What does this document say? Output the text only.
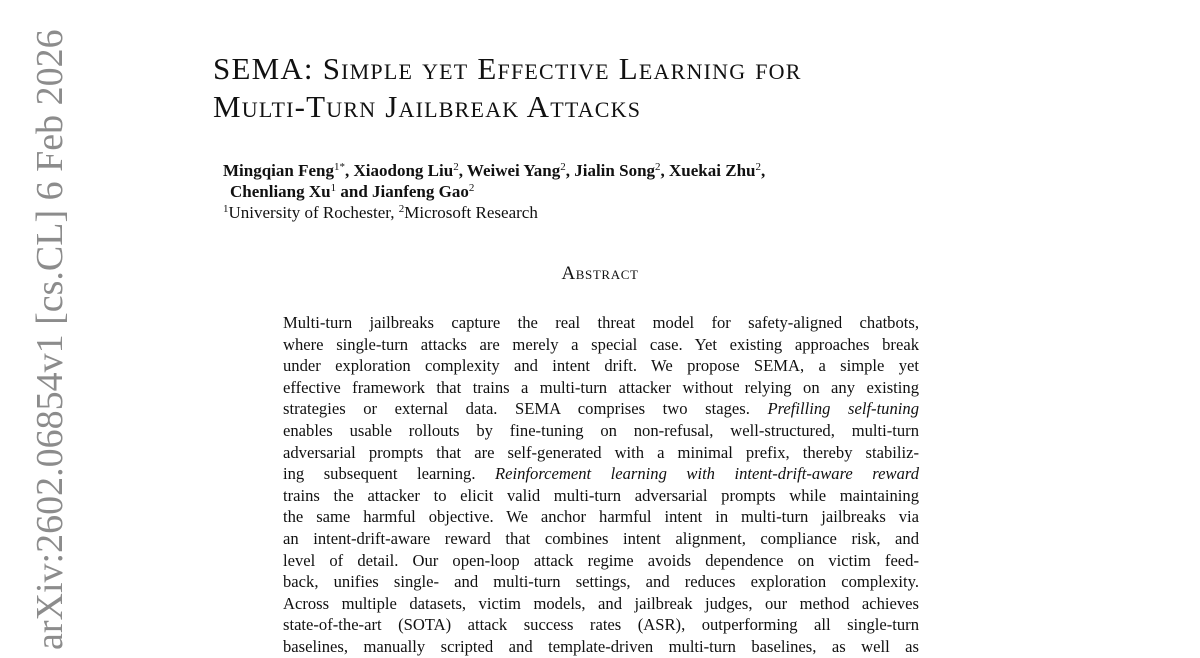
SEMA: Simple yet Effective Learning for
Multi-Turn Jailbreak Attacks
Mingqian Feng$^{1*}$, Xiaodong Liu$^2$, Weiwei Yang$^2$, Jialin Song$^2$, Xuekai Zhu$^2$,
Chenliang Xu$^1$ and Jianfeng Gao$^2$
$^1$University of Rochester, $^2$Microsoft Research
Abstract
Multi-turn jailbreaks capture the real threat model for safety-aligned chatbots,
where single-turn attacks are merely a special case. Yet existing approaches break
under exploration complexity and intent drift. We propose SEMA, a simple yet
effective framework that trains a multi-turn attacker without relying on any existing
strategies or external data. SEMA comprises two stages. Prefilling self-tuning
enables usable rollouts by fine-tuning on non-refusal, well-structured, multi-turn
adversarial prompts that are self-generated with a minimal prefix, thereby stabiliz-
ing subsequent learning. Reinforcement learning with intent-drift-aware reward
trains the attacker to elicit valid multi-turn adversarial prompts while maintaining
the same harmful objective. We anchor harmful intent in multi-turn jailbreaks via
an intent-drift-aware reward that combines intent alignment, compliance risk, and
level of detail. Our open-loop attack regime avoids dependence on victim feed-
back, unifies single- and multi-turn settings, and reduces exploration complexity.
Across multiple datasets, victim models, and jailbreak judges, our method achieves
state-of-the-art (SOTA) attack success rates (ASR), outperforming all single-turn
baselines, manually scripted and template-driven multi-turn baselines, as well as
arXiv:2602.06854v1 [cs.CL] 6 Feb 2026
